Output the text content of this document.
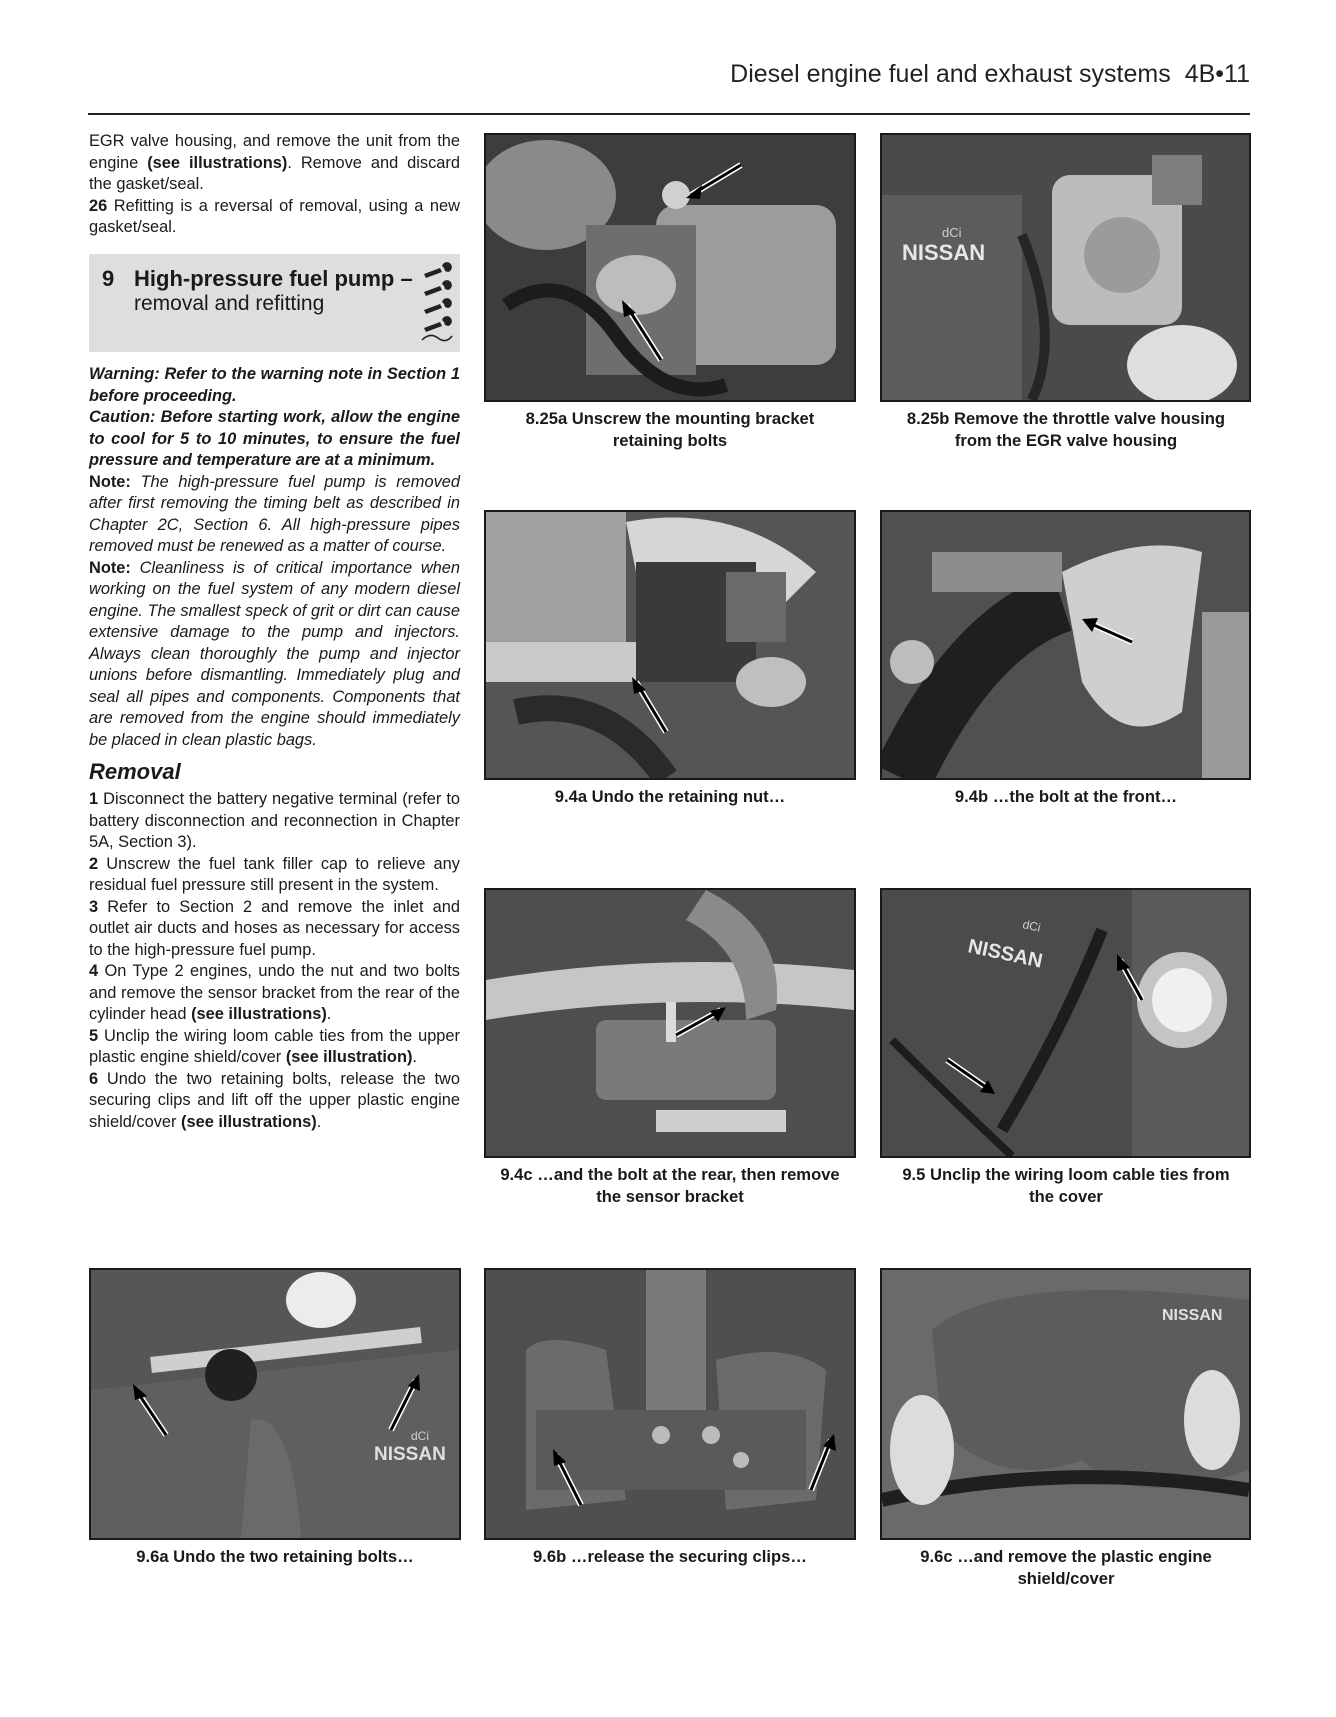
Diesel engine fuel and exhaust systems 4B•11

EGR valve housing, and remove the unit from the engine (see illustrations). Remove and discard the gasket/seal.

26 Refitting is a reversal of removal, using a new gasket/seal.

9 High-pressure fuel pump –
removal and refitting

Warning: Refer to the warning note in Section 1 before proceeding.

Caution: Before starting work, allow the engine to cool for 5 to 10 minutes, to ensure the fuel pressure and temperature are at a minimum.

Note: The high-pressure fuel pump is removed after first removing the timing belt as described in Chapter 2C, Section 6. All high-pressure pipes removed must be renewed as a matter of course.

Note: Cleanliness is of critical importance when working on the fuel system of any modern diesel engine. The smallest speck of grit or dirt can cause extensive damage to the pump and injectors. Always clean thoroughly the pump and injector unions before dismantling. Immediately plug and seal all pipes and components. Components that are removed from the engine should immediately be placed in clean plastic bags.

Removal

1 Disconnect the battery negative terminal (refer to battery disconnection and reconnection in Chapter 5A, Section 3).

2 Unscrew the fuel tank filler cap to relieve any residual fuel pressure still present in the system.

3 Refer to Section 2 and remove the inlet and outlet air ducts and hoses as necessary for access to the high-pressure fuel pump.

4 On Type 2 engines, undo the nut and two bolts and remove the sensor bracket from the rear of the cylinder head (see illustrations).

5 Unclip the wiring loom cable ties from the upper plastic engine shield/cover (see illustration).

6 Undo the two retaining bolts, release the two securing clips and lift off the upper plastic engine shield/cover (see illustrations).

8.25a Unscrew the mounting bracket
retaining bolts
NISSAN
dCi
8.25b Remove the throttle valve housing
from the EGR valve housing
9.4a Undo the retaining nut…	9.4b …the bolt at the front…
9.4c …and the bolt at the rear, then remove
the sensor bracket
NISSAN
dCi
9.5 Unclip the wiring loom cable ties from
the cover
NISSAN
dCi
9.6a Undo the two retaining bolts…	9.6b …release the securing clips…
NISSAN
9.6c …and remove the plastic engine
shield/cover
